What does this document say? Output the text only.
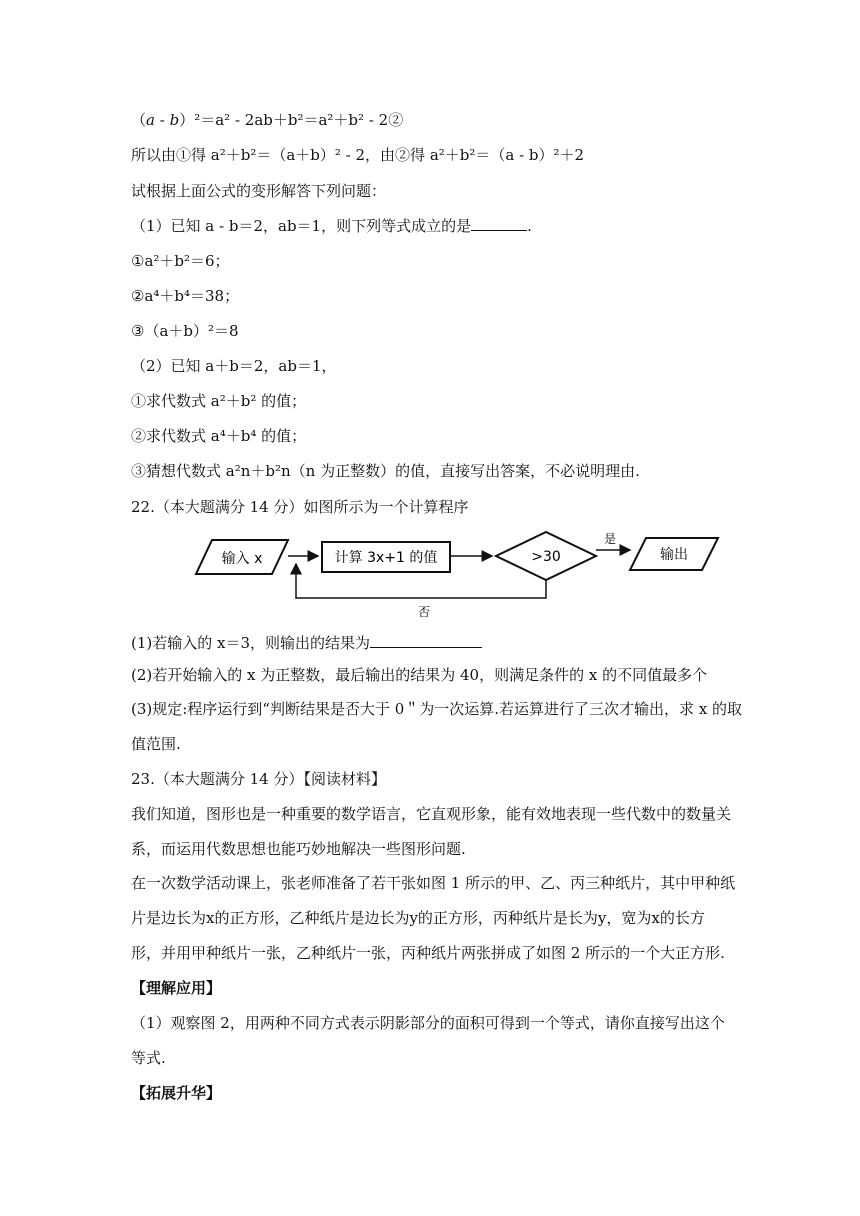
（a - b）²＝a² - 2ab＋b²＝a²＋b² - 2②
所以由①得 a²＋b²＝（a＋b）² - 2，由②得 a²＋b²＝（a - b）²＋2
试根据上面公式的变形解答下列问题：
（1）已知 a - b＝2，ab＝1，则下列等式成立的是	.
①a²＋b²＝6；
②a⁴＋b⁴＝38；
③（a＋b）²＝8
（2）已知 a＋b＝2，ab＝1，
①求代数式 a²＋b² 的值；
②求代数式 a⁴＋b⁴ 的值；
③猜想代数式 a²n＋b²n（n 为正整数）的值，直接写出答案，不必说明理由.
22.（本大题满分 14 分）如图所示为一个计算程序
输入 x	计算 3x+1 的值	>30
是
输出
否
(1)若输入的 x＝3，则输出的结果为
(2)若开始输入的 x 为正整数，最后输出的结果为 40，则满足条件的 x 的不同值最多个
(3)规定:程序运行到“判断结果是否大于 0＂为一次运算.若运算进行了三次才输出，求 x 的取
值范围.
23.（本大题满分 14 分）【阅读材料】
我们知道，图形也是一种重要的数学语言，它直观形象，能有效地表现一些代数中的数量关
系，而运用代数思想也能巧妙地解决一些图形问题.
在一次数学活动课上，张老师准备了若干张如图 1 所示的甲、乙、丙三种纸片，其中甲种纸
片是边长为x的正方形，乙种纸片是边长为y的正方形，丙种纸片是长为y，宽为x的长方
形，并用甲种纸片一张，乙种纸片一张，丙种纸片两张拼成了如图 2 所示的一个大正方形.
【理解应用】
（1）观察图 2，用两种不同方式表示阴影部分的面积可得到一个等式，请你直接写出这个
等式.
【拓展升华】
